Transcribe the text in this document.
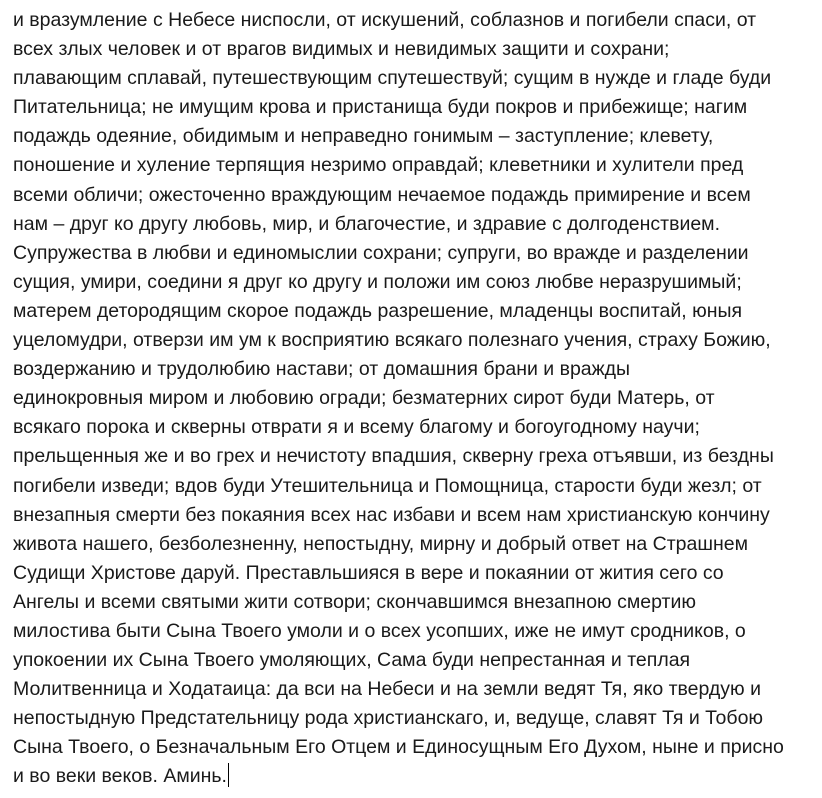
и вразумление с Небесе ниспосли, от искушений, соблазнов и погибели спаси, от
всех злых человек и от врагов видимых и невидимых защити и сохрани;
плавающим сплавай, путешествующим спутешествуй; сущим в нужде и гладе буди
Питательница; не имущим крова и пристанища буди покров и прибежище; нагим
подаждь одеяние, обидимым и неправедно гонимым – заступление; клевету,
поношение и хуление терпящия незримо оправдай; клеветники и хулители пред
всеми обличи; ожесточенно враждующим нечаемое подаждь примирение и всем
нам – друг ко другу любовь, мир, и благочестие, и здравие с долгоденствием.
Супружества в любви и единомыслии сохрани; супруги, во вражде и разделении
сущия, умири, соедини я друг ко другу и положи им союз любве неразрушимый;
матерем детородящим скорое подаждь разрешение, младенцы воспитай, юныя
уцеломудри, отверзи им ум к восприятию всякаго полезнаго учения, страху Божию,
воздержанию и трудолюбию настави; от домашния брани и вражды
единокровныя миром и любовию огради; безматерних сирот буди Матерь, от
всякаго порока и скверны отврати я и всему благому и богоугодному научи;
прельщенныя же и во грех и нечистоту впадшия, скверну греха отъявши, из бездны
погибели изведи; вдов буди Утешительница и Помощница, старости буди жезл; от
внезапныя смерти без покаяния всех нас избави и всем нам христианскую кончину
живота нашего, безболезненну, непостыдну, мирну и добрый ответ на Страшнем
Судищи Христове даруй. Преставльшияся в вере и покаянии от жития сего со
Ангелы и всеми святыми жити сотвори; скончавшимся внезапною смертию
милостива быти Сына Твоего умоли и о всех усопших, иже не имут сродников, о
упокоении их Сына Твоего умоляющих, Сама буди непрестанная и теплая
Молитвенница и Ходатаица: да вси на Небеси и на земли ведят Тя, яко твердую и
непостыдную Предстательницу рода христианскаго, и, ведуще, славят Тя и Тобою
Сына Твоего, о Безначальным Его Отцем и Единосущным Его Духом, ныне и присно
и во веки веков. Аминь.
